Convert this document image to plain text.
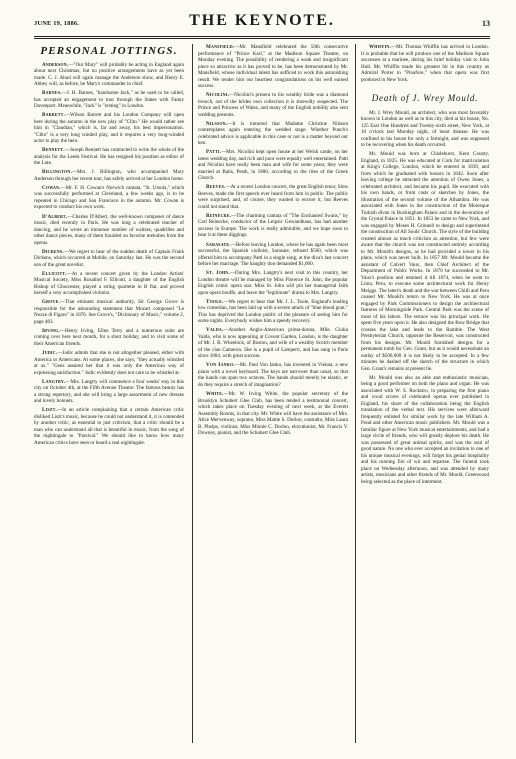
JUNE 19, 1886.	THE KEYNOTE.	13
PERSONAL JOTTINGS.

Anderson.—"Our Mary" will probably be acting in England again about next Christmas, but no positive arrangements have as yet been made. C. J. Abud will again manage the Anderson show, and Henry E. Abbey will, as before, be Mary's commander in chief.

Barnes.—J. H. Barnes, "handsome Jack," as he used to be called, has accepted an engagement to tour through the States with Fanny Davenport. Meanwhile, "Jack" is "resting" in London.

Barrett.—Wilson Barrett and his London Company will open here during the autumn in the new play of "Clito." He would rather see him in "Claudian," which is, far and away, his best impersonation. "Clito" is a very long winded play, and it requires a very long-winded actor to play the hero.

Bennett.—Joseph Bennett has contracted to write the whole of the analysis for the Leeds Festival. He has resigned his position as editor of the Lute.

Billington.—Mrs. J. Billington, who accompanied Mary Anderson through her recent tour, has safely arrived at her London home.

Cowan.—Mr. F. H. Cowan's Norwich cantata, "St. Ursula," which was successfully performed at Cleveland, a few weeks ago, is to be repeated in Chicago and San Francisco in the autumn. Mr. Cowan is expected to conduct his own work.

D'Albert.—Charles D'Albert, the well-known composer of dance music, died recently in Paris. He was long a celebrated teacher of dancing, and he wrote an immense number of waltzes, quadrilles and other dance pieces, many of them founded on favorite melodies from the operas.

Dickens.—We regret to hear of the sudden death of Captain Frank Dickens, which occurred at Mobile, on Saturday last. He was the second son of the great novelist.

Ellicott.—At a recent concert given by the London Artists' Musical Society, Miss Rosalind F. Ellicott, a daughter of the English Bishop of Gloucester, played a string quartette in B flat, and proved herself a very accomplished violinist.

Grove.—That eminent musical authority, Sir George Grove is responsible for the astounding statement that Mozart composed "Le Nozze di Figaro" in 1876. See Grove's, "Dictionary of Music," volume 2, page 483.

Irving.—Henry Irving, Ellen Terry and a numerous suite are coming over here next month, for a short holiday, and to visit some of their American friends.

Judic.—Judic admits that she is not altogether pleased, either with America or Americans. At some places, she says, "they actually whistled at us." "Gens assured her that it was only the American way of expressing satisfaction." Judic evidently does not care to be whistled at.

Langtry.—Mrs. Langtry will commence a four weeks' stay in this city on October 4th, at the Fifth Avenue Theatre. The famous beauty has a strong repertory, and she will bring a large assortment of new dresses and lovely bonnets.

Liszt.—In an article complaining that a certain American critic disliked Liszt's music, because he could not understand it, it is contended by another critic, as essential to just criticism, that a critic should be a man who can understand all that is beautiful in music, from the song of the nightingale to "Parsival." We should like to know how many American critics have seen or heard a real nightingale.

Mansfield.—Mr. Mansfield celebrated the 50th consecutive performance of "Prince Karl," at the Madison Square Theatre, on Monday evening. The possibility of rendering a weak and insignificant piece so attractive as it has proved to be, has been demonstrated by Mr. Mansfield, whose individual talent has sufficed to work this astonishing result. We tender him our heartiest congratulations on his well earned success.

Nicolini.—Nicolini's present to his wealthy bride was a diamond brooch, out of the brides own collection it is shrewdly suspected. The Prince and Princess of Wales, and many of the English nobility also sent wedding presents.

Nilsson.—It is rumored that Madame Christine Nilsson contemplates again entering the wedded stage. Whether Punch's celebrated advice is applicable in this case or not is a matter beyond our ken.

Patti.—Mrs. Nicolini kept open house at her Welsh castle, on her latest wedding day, and rich and poor were equally well entertained. Patti and Nicolini have really been man and wife for some years; they were married at Batis, Pesth, in 1880, according to the rites of the Greek Church.

Reeves.—At a recent London concert, the great English tenor, Sims Reeves, made the first speech ever heard from him in public. The public were surprised, and, of course, they wanted to encore it, but Reeves could not stand that.

Reinecke.—The charming cantata of "The Enchanted Swans," by Carl Reinecke, conductor of the Leipsic Gewandhaus, has had another success in Europe. The work is really admirable, and we hope soon to hear it at these diggings.

Sarasate.—Before leaving London, where he has again been most successful, the Spanish violinist, Sarasate, refused $500, which was offered him to accompany Patti in a single song, at the diva's last concert before her marriage. The haughty don demanded $1,000.

St. John.—During Mrs. Langtry's next visit to this country, her London theatre will be managed by Miss Florence St. John, the popular English comic opera star. Miss St. John will pin her managerial faith upon opera bouffe, and leave the "legitimate" drama to Mrs. Langtry.

Toole.—We regret to hear that Mr. J. L. Toole, England's leading low comedian, has been laid up with a severe attack of "blue blood gout." This has deprived the London public of the pleasure of seeing him for some nights. Everybody wishes him a speedy recovery.

Valda.—Another Anglo-American prima-donna, Mlle. Giulia Valda, who is now appearing at Covent Garden, London, is the daughter of Mr. J. B. Wheelock, of Boston, and wife of a wealthy Scotch member of the clan Cameron. She is a pupil of Lamperti, and has sung in Paris since 1884, with great success.

Von Ianko.—Mr. Paul Von Ianko, has invented in Vienna, a new piano with a novel keyboard. The keys are narrower than usual, so that the hands can span two octaves. The hands should merely be elastic, or do they require a stretch of imagination?

White.—Mr. W. Irving White, the popular secretary of the Brooklyn Schubert Glee Club, has been tended a testimonial concert, which takes place on Tuesday evening of next week, at the Everett Assembly Rooms, in that city. Mr. White will have the assistance of Mrs. Alice Mervenway, soprano, Miss Mattie S. Dorlon, contralto, Miss Laura B. Phelps, violinist, Miss Minnie C. Dorlon, elocutionist, Mr. Francis V. Downey, pianist, and the Schubert Glee Club.

Whiffin.—Mr. Thomas Whiffin has arrived in London. It is probable that he will produce one of the Madison Square successes at a matinee, during his brief holiday visit to John Hull. Mr. Whiffin made his greatest hit in this country as Admiral Porter in "Pinafore," when that opera was first produced in New York.

Death of J. Wrey Mould.

Mr. J. Wrey Mould, an architect, who was most favorably known in London as well as in this city, died at his house, No. 125 East One Hundred and Twenty-sixth street, New York, at 10 o'clock last Monday night, of heart disease. He was confined to his house for only a fortnight, and was supposed to be recovering when his death occurred.

Mr. Mould was born at Chislehurst, Kent County, England, in 1825. He was educated at Cork for matriculation at King's College, London, which he entered in 1839, and from which he graduated with honors in 1842. Soon after leaving college he attracted the attention of Owen Jones, a celebrated architect, and became his pupil. He executed with his own hands, or from casts or sketches by Jones, the illustration of the second volume of the Alhambra. He was associated with Jones in the construction of the Moresque Turkish divan in Buckingham Palace and in the decoration of the Crystal Palace in 1851. In 1853 he came to New York, and was engaged by Moses H. Grinnell to design and superintend the construction of All Souls' Church. The style of the building created almost as much criticism as attention, but few were aware that the church was not constructed entirely according to Mr. Mould's designs, as he had provided a tower in his plans, which was never built. In 1857 Mr. Mould became the assistant of Calvert Vaux, then Chief Architect of the Department of Public Works. In 1870 he succeeded to Mr. Vaux's position and retained it till 1874, when he went to Lima, Peru, to execute some architectural work for Henry Meiggs. The latter's death and the war between Chilli and Peru caused Mr. Mould's return to New York. He was at once engaged by Park Commissioners to design the architectural features of Morningside Park. Central Park was the scene of most of his labors. The terrace was his principal work. He spent five years upon it. He also designed the Bow Bridge that crosses the lake and leads to the Ramble. The West Presbyterian Church, opposite the Reservoir, was constructed from his designs. Mr. Mould furnished designs for a permanent tomb for Gen. Grant, but as it would necessitate an outlay of $500,000 it is not likely to be accepted. In a few minutes he dashed off the sketch of the structure in which Gen. Grant's remains at present lie.

Mr. Mould was also an able and enthusiastic musician, being a good performer on both the piano and organ. He was associated with W. S. Rockstro, in preparing the first piano and vocal scores of celebrated operas ever published in England, his share of the collaboration being the English translation of the verbal text. His services were afterward frequently enlisted for similar work by the late William A. Pond and other American music publishers. Mr. Mould was a familiar figure at New York musical entertainments, and had a large circle of friends, who will greatly deplore his death. He was possessed of great animal spirits, and was the soul of good nature. No one who ever accepted an invitation to one of his unique musical evenings, will forget his genial hospitality and his running fire of wit and repartee. The funeral took place on Wednesday afternoon, and was attended by many artists, musicians and other friends of Mr. Mould, Greenwood being selected as the place of interment.
